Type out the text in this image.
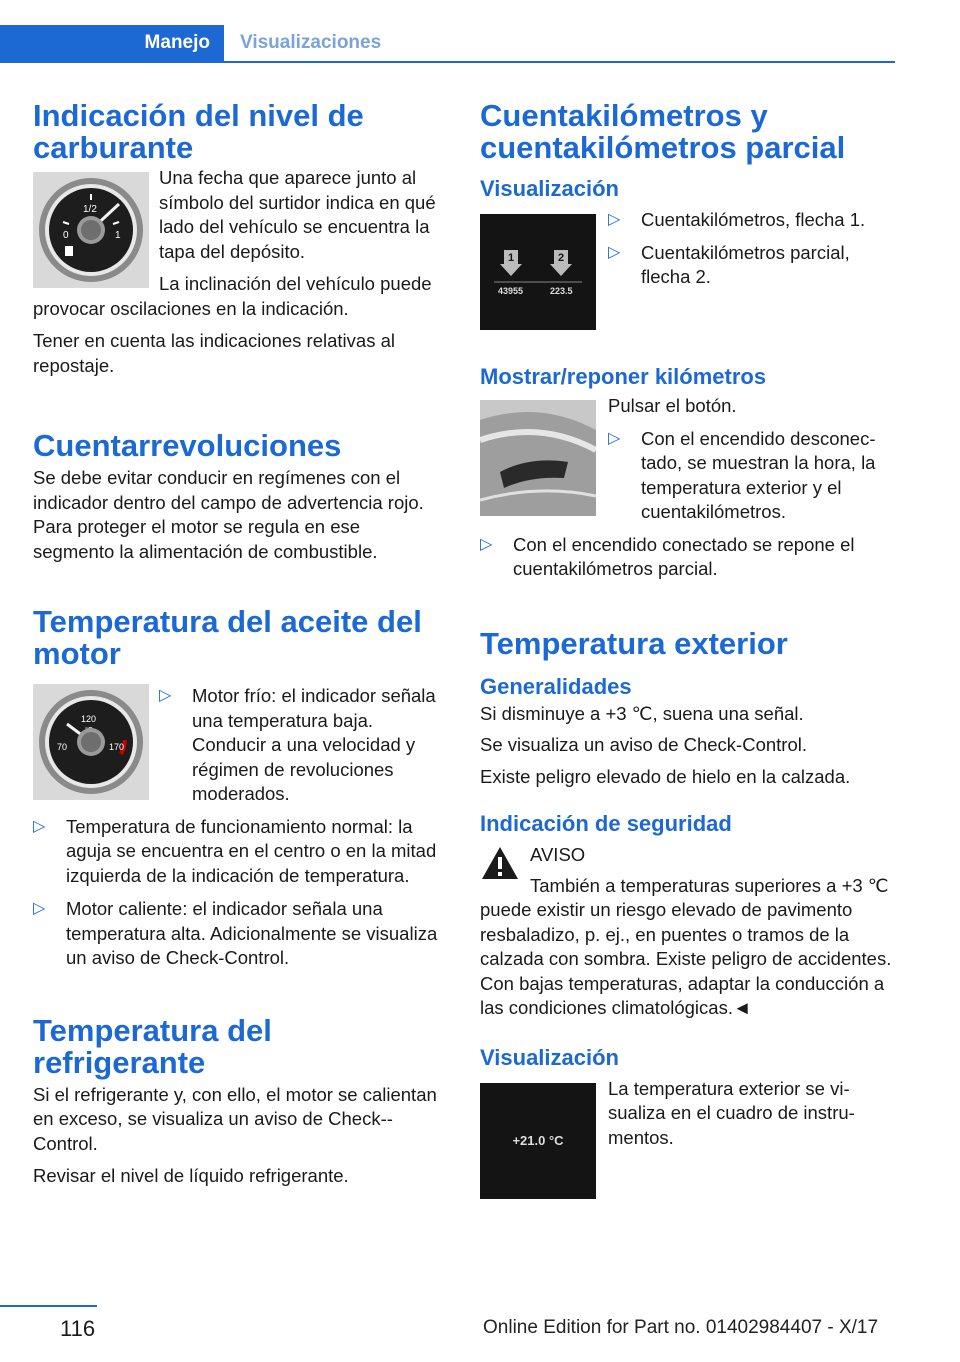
Manejo	Visualizaciones
Indicación del nivel de carburante
0
1/2
1

Una fecha que aparece junto al símbolo del surtidor indica en qué lado del vehículo se encuentra la tapa del depósito.

La inclinación del vehículo puede provocar oscilaciones en la indicación.

Tener en cuenta las indicaciones relativas al repostaje.

Cuentarrevoluciones

Se debe evitar conducir en regímenes con el indicador dentro del campo de advertencia rojo. Para proteger el motor se regula en ese segmento la alimentación de combustible.

Temperatura del aceite del motor
70
120
170
▷ Motor frío: el indicador señala una temperatura baja. Conducir a una velocidad y régimen de revoluciones moderados.
▷ Temperatura de funcionamiento normal: la aguja se encuentra en el centro o en la mitad izquierda de la indicación de temperatura.
▷ Motor caliente: el indicador señala una temperatura alta. Adicionalmente se visualiza un aviso de Check-Control.
Temperatura del refrigerante

Si el refrigerante y, con ello, el motor se calientan en exceso, se visualiza un aviso de Check--Control.

Revisar el nivel de líquido refrigerante.

Cuentakilómetros y cuentakilómetros parcial
Visualización
1	2
43955	223.5
▷ Cuentakilómetros, flecha 1.
▷ Cuentakilómetros parcial, flecha 2.
Mostrar/reponer kilómetros

Pulsar el botón.

▷ Con el encendido desconectado, se muestran la hora, la temperatura exterior y el cuentakilómetros.
▷ Con el encendido conectado se repone el cuentakilómetros parcial.
Temperatura exterior
Generalidades

Si disminuye a +3 ℃, suena una señal.

Se visualiza un aviso de Check-Control.

Existe peligro elevado de hielo en la calzada.

Indicación de seguridad

AVISO

También a temperaturas superiores a +3 ℃ puede existir un riesgo elevado de pavimento resbaladizo, p. ej., en puentes o tramos de la calzada con sombra. Existe peligro de accidentes. Con bajas temperaturas, adaptar la conducción a las condiciones climatológicas.◄

Visualización
+21.0 °C

La temperatura exterior se visualiza en el cuadro de instrumentos.

116	Online Edition for Part no. 01402984407 - X/17
